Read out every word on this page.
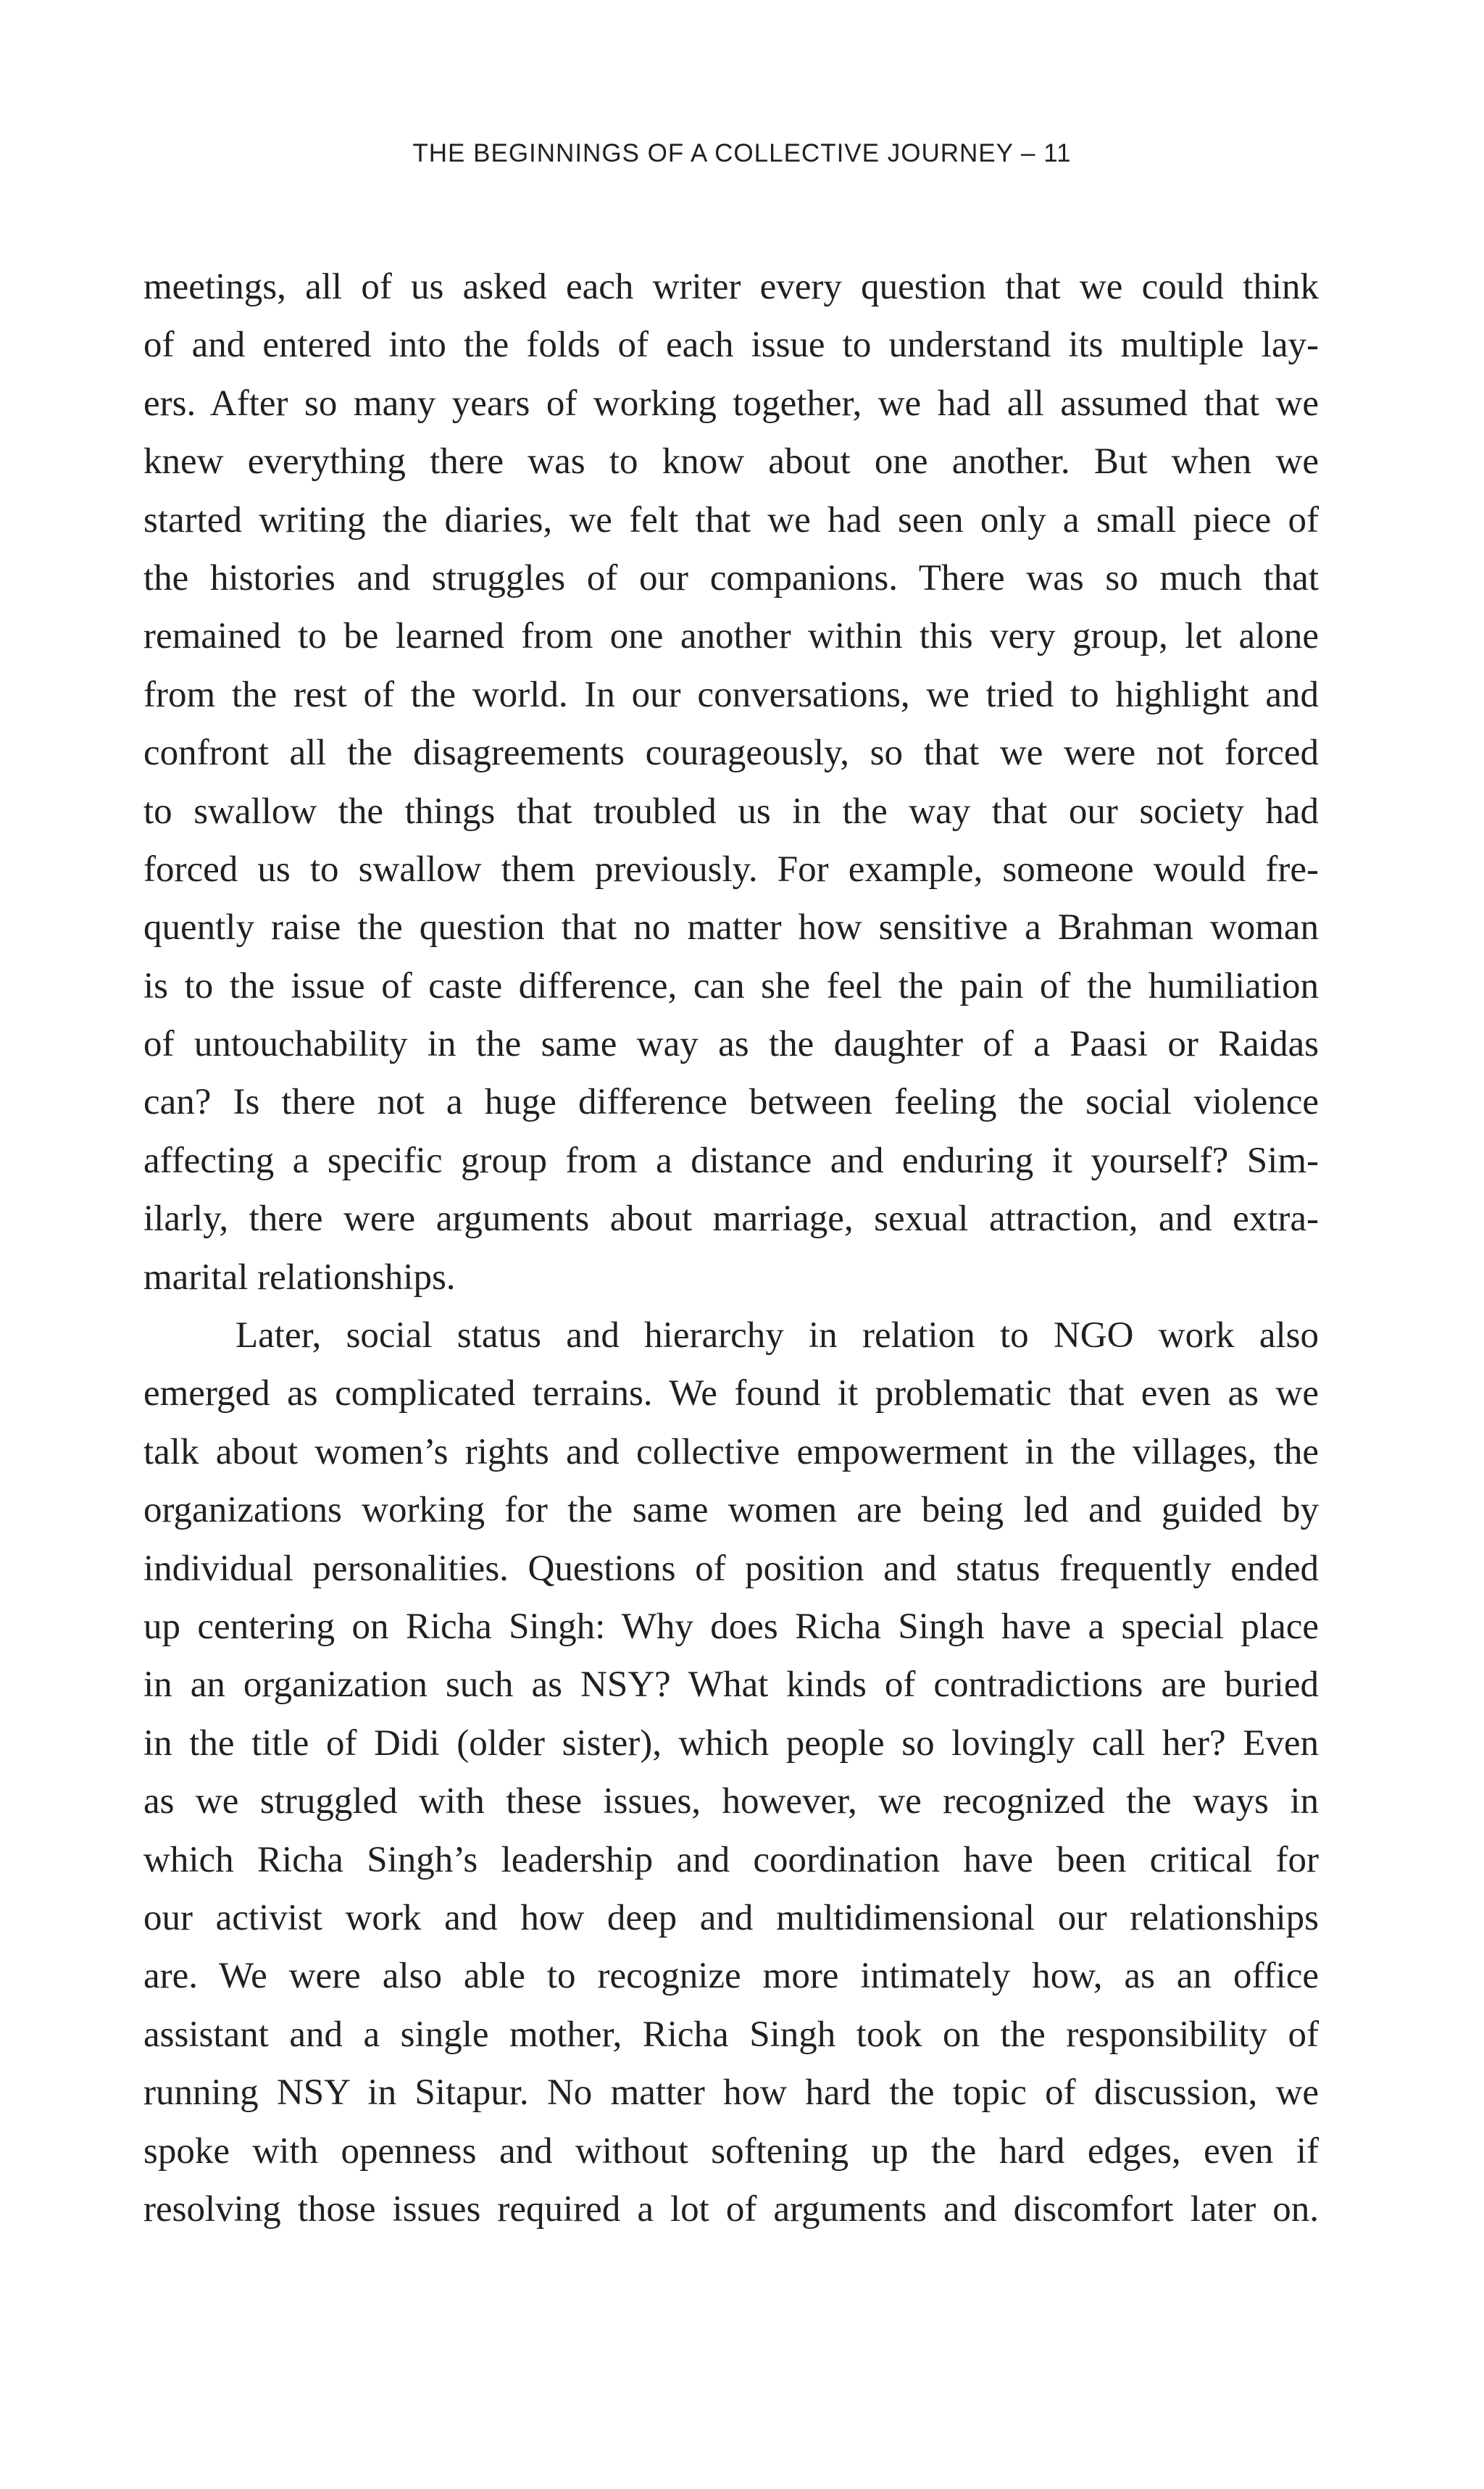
THE BEGINNINGS OF A COLLECTIVE JOURNEY – 11
meetings, all of us asked each writer every question that we could think
of and entered into the folds of each issue to understand its multiple lay-
ers. After so many years of working together, we had all assumed that we
knew everything there was to know about one another. But when we
started writing the diaries, we felt that we had seen only a small piece of
the histories and struggles of our companions. There was so much that
remained to be learned from one another within this very group, let alone
from the rest of the world. In our conversations, we tried to highlight and
confront all the disagreements courageously, so that we were not forced
to swallow the things that troubled us in the way that our society had
forced us to swallow them previously. For example, someone would fre-
quently raise the question that no matter how sensitive a Brahman woman
is to the issue of caste difference, can she feel the pain of the humiliation
of untouchability in the same way as the daughter of a Paasi or Raidas
can? Is there not a huge difference between feeling the social violence
affecting a specific group from a distance and enduring it yourself? Sim-
ilarly, there were arguments about marriage, sexual attraction, and extra-
marital relationships.
Later, social status and hierarchy in relation to NGO work also
emerged as complicated terrains. We found it problematic that even as we
talk about women’s rights and collective empowerment in the villages, the
organizations working for the same women are being led and guided by
individual personalities. Questions of position and status frequently ended
up centering on Richa Singh: Why does Richa Singh have a special place
in an organization such as NSY? What kinds of contradictions are buried
in the title of Didi (older sister), which people so lovingly call her? Even
as we struggled with these issues, however, we recognized the ways in
which Richa Singh’s leadership and coordination have been critical for
our activist work and how deep and multidimensional our relationships
are. We were also able to recognize more intimately how, as an office
assistant and a single mother, Richa Singh took on the responsibility of
running NSY in Sitapur. No matter how hard the topic of discussion, we
spoke with openness and without softening up the hard edges, even if
resolving those issues required a lot of arguments and discomfort later on.
